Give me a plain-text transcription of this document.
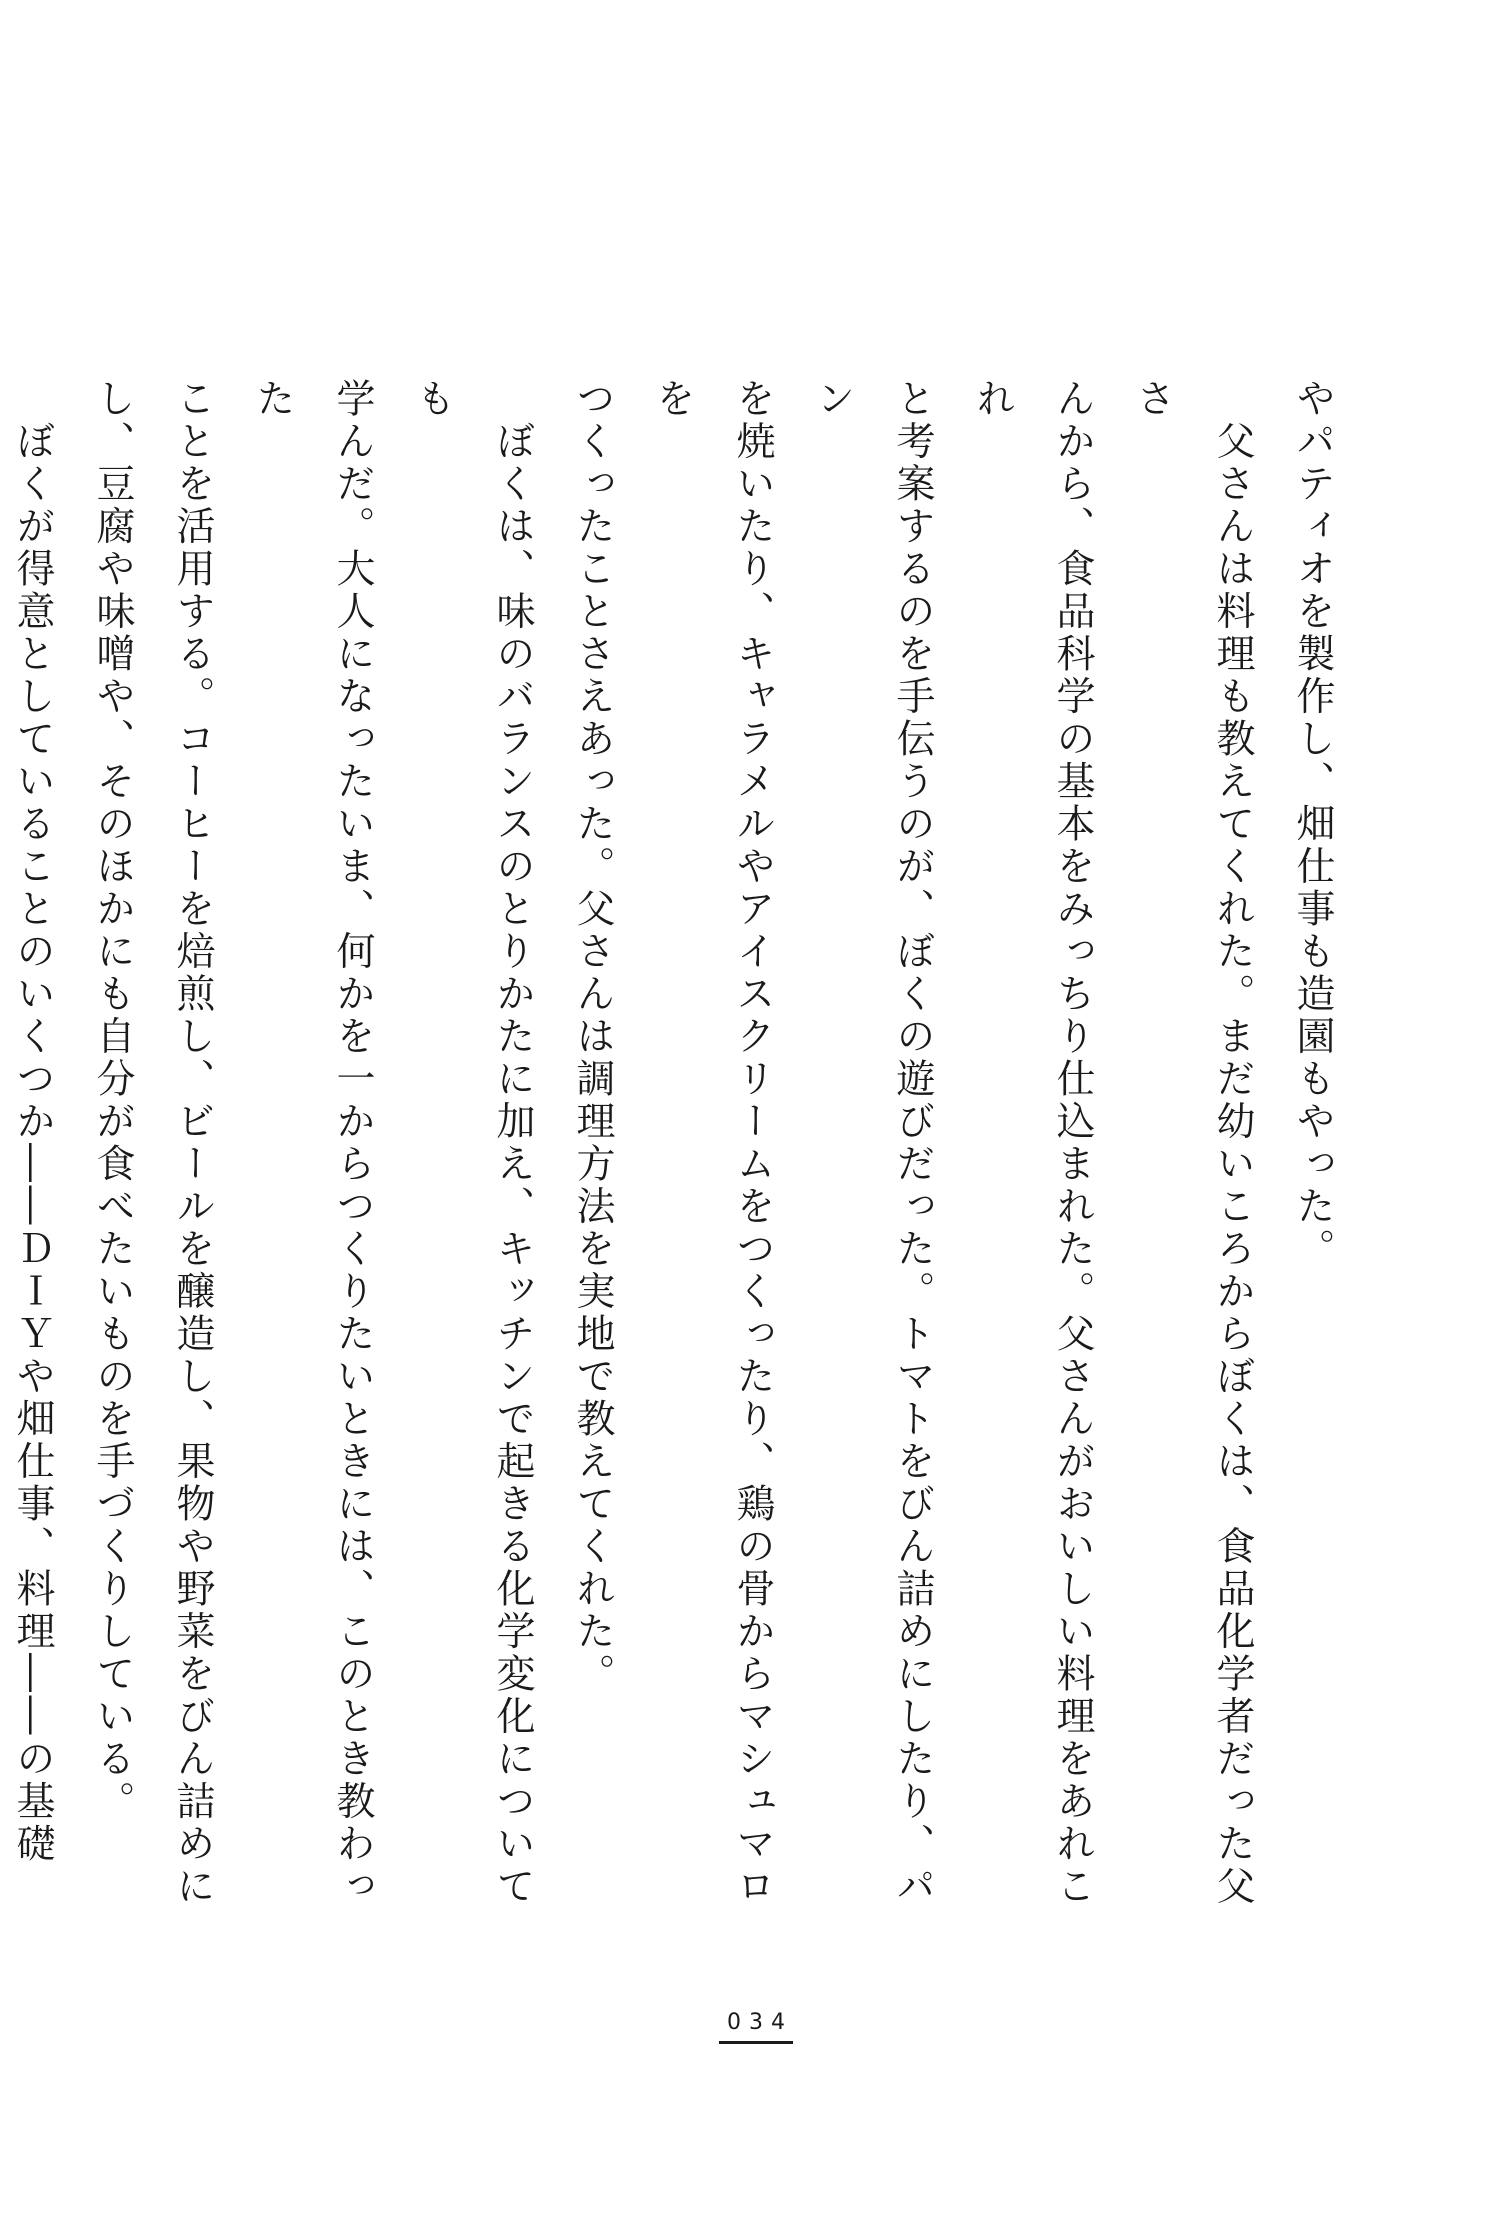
やパティオを製作し、畑仕事も造園もやった。

　父さんは料理も教えてくれた。まだ幼いころからぼくは、食品化学者だった父さ

んから、食品科学の基本をみっちり仕込まれた。父さんがおいしい料理をあれこれ

と考案するのを手伝うのが、ぼくの遊びだった。トマトをびん詰めにしたり、パン

を焼いたり、キャラメルやアイスクリームをつくったり、鶏の骨からマシュマロを

つくったことさえあった。父さんは調理方法を実地で教えてくれた。

　ぼくは、味のバランスのとりかたに加え、キッチンで起きる化学変化についても

学んだ。大人になったいま、何かを一からつくりたいときには、このとき教わった

ことを活用する。コーヒーを焙煎し、ビールを醸造し、果物や野菜をびん詰めに

し、豆腐や味噌や、そのほかにも自分が食べたいものを手づくりしている。

　ぼくが得意としていることのいくつか――ＤＩＹや畑仕事、料理――の基礎

034
